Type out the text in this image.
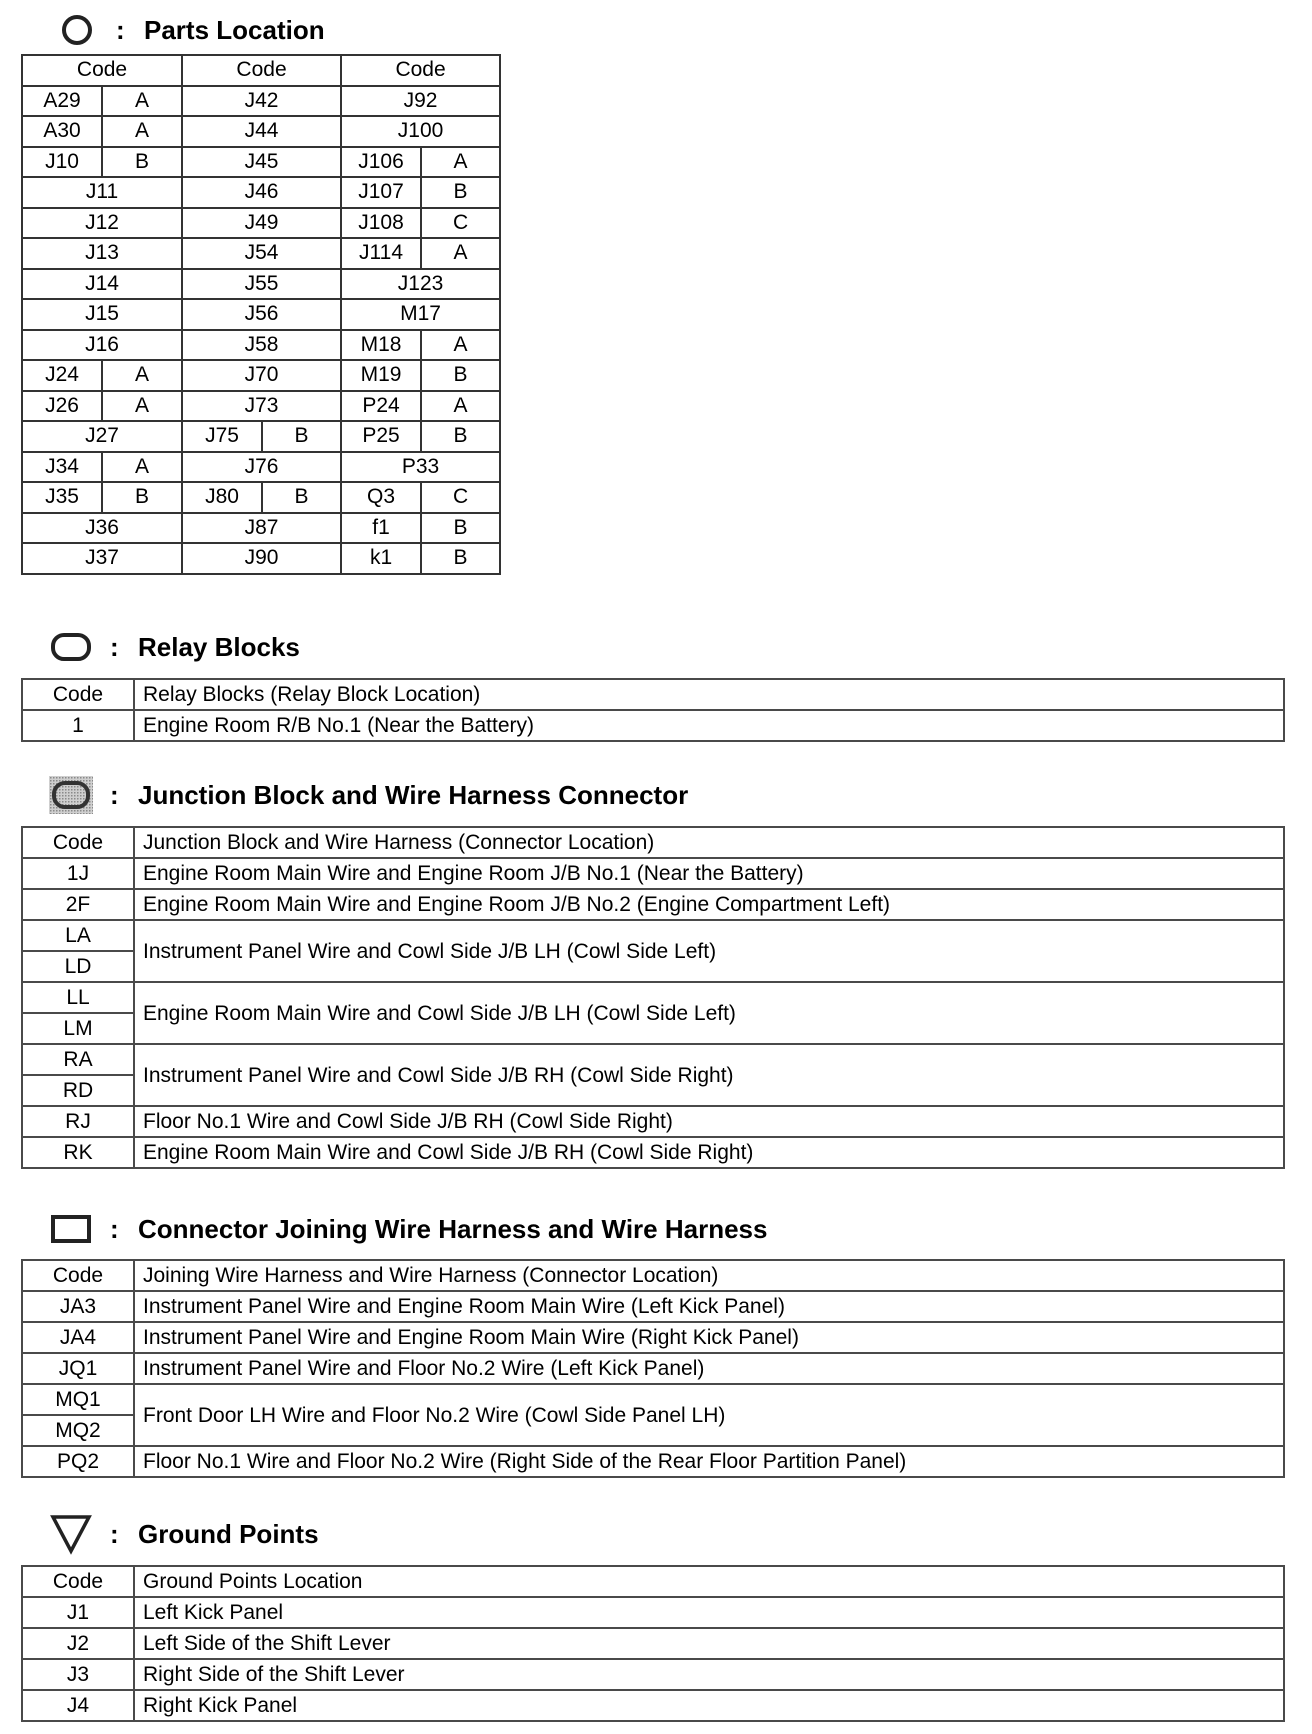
: Parts Location
Code		Code		Code	
A29	A	J42		J92	
A30	A	J44		J100	
J10	B	J45		J106	A
J11		J46		J107	B
J12		J49		J108	C
J13		J54		J114	A
J14		J55		J123	
J15		J56		M17	
J16		J58		M18	A
J24	A	J70		M19	B
J26	A	J73		P24	A
J27		J75	B	P25	B
J34	A	J76		P33	
J35	B	J80	B	Q3	C
J36		J87		f1	B
J37		J90		k1	B
: Relay Blocks
Code	Relay Blocks (Relay Block Location)
1	Engine Room R/B No.1 (Near the Battery)
: Junction Block and Wire Harness Connector
Code	Junction Block and Wire Harness (Connector Location)
1J	Engine Room Main Wire and Engine Room J/B No.1 (Near the Battery)
2F	Engine Room Main Wire and Engine Room J/B No.2 (Engine Compartment Left)
LA	Instrument Panel Wire and Cowl Side J/B LH (Cowl Side Left)
LD	
LL	Engine Room Main Wire and Cowl Side J/B LH (Cowl Side Left)
LM	
RA	Instrument Panel Wire and Cowl Side J/B RH (Cowl Side Right)
RD	
RJ	Floor No.1 Wire and Cowl Side J/B RH (Cowl Side Right)
RK	Engine Room Main Wire and Cowl Side J/B RH (Cowl Side Right)
: Connector Joining Wire Harness and Wire Harness
Code	Joining Wire Harness and Wire Harness (Connector Location)
JA3	Instrument Panel Wire and Engine Room Main Wire (Left Kick Panel)
JA4	Instrument Panel Wire and Engine Room Main Wire (Right Kick Panel)
JQ1	Instrument Panel Wire and Floor No.2 Wire (Left Kick Panel)
MQ1	Front Door LH Wire and Floor No.2 Wire (Cowl Side Panel LH)
MQ2	
PQ2	Floor No.1 Wire and Floor No.2 Wire (Right Side of the Rear Floor Partition Panel)
: Ground Points
Code	Ground Points Location
J1	Left Kick Panel
J2	Left Side of the Shift Lever
J3	Right Side of the Shift Lever
J4	Right Kick Panel
